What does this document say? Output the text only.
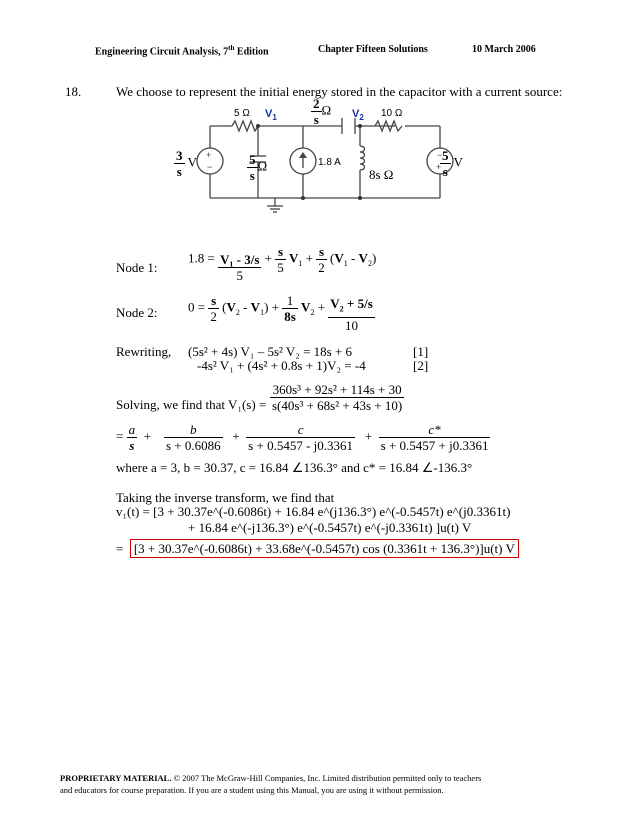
Engineering Circuit Analysis, 7th Edition	Chapter Fifteen Solutions	10 March 2006
18.	We choose to represent the initial energy stored in the capacitor with a current source:
+
−
−
+
5 Ω $V_1$	$\frac{2}{s}$ Ω $V_2$ 10 Ω
$\frac{3}{s}$ V	$\frac{5}{s}$ Ω	1.8 A
8s Ω	$\frac{5}{s}$ V
Node 1:
$1.8 = \frac{\text{V₁ - 3/s}}{5} + \frac{s}{5} V_1 + \frac{s}{2} (V_1 - V_2)$
Node 2: $0 = \frac{s}{2} (V_2 - V_1) + \frac{1}{8s} V_2 + \frac{V_2 + 5/s}{10}$
Rewriting, (5s² + 4s) V₁ – 5s² V₂ = 18s + 6	[1]
-4s² V₁ + (4s² + 0.8s + 1)V₂ = -4	[2]
Solving, we find that $V_1(s) = \frac{\text{360s³ + 92s² + 114s + 30}}{\text{s(40s³ + 68s² + 43s + 10)}}$
= $\frac{a}{s} + \frac{b}{s + 0.6086} + \frac{c}{s + 0.5457 - j0.3361} + \frac{c*}{s + 0.5457 + j0.3361}$
where a = 3, b = 30.37, c = 16.84 ∠136.3° and c* = 16.84 ∠-136.3°
Taking the inverse transform, we find that
v₁(t) = [3 + 30.37e^(-0.6086t) + 16.84 e^(j136.3°) e^(-0.5457t) e^(j0.3361t)
+ 16.84 e^(-j136.3°) e^(-0.5457t) e^(-j0.3361t) ]u(t) V
=  [3 + 30.37e^(-0.6086t) + 33.68e^(-0.5457t) cos (0.3361t + 136.3°)]u(t) V
PROPRIETARY MATERIAL. © 2007 The McGraw-Hill Companies, Inc. Limited distribution permitted only to teachers
and educators for course preparation. If you are a student using this Manual, you are using it without permission.
